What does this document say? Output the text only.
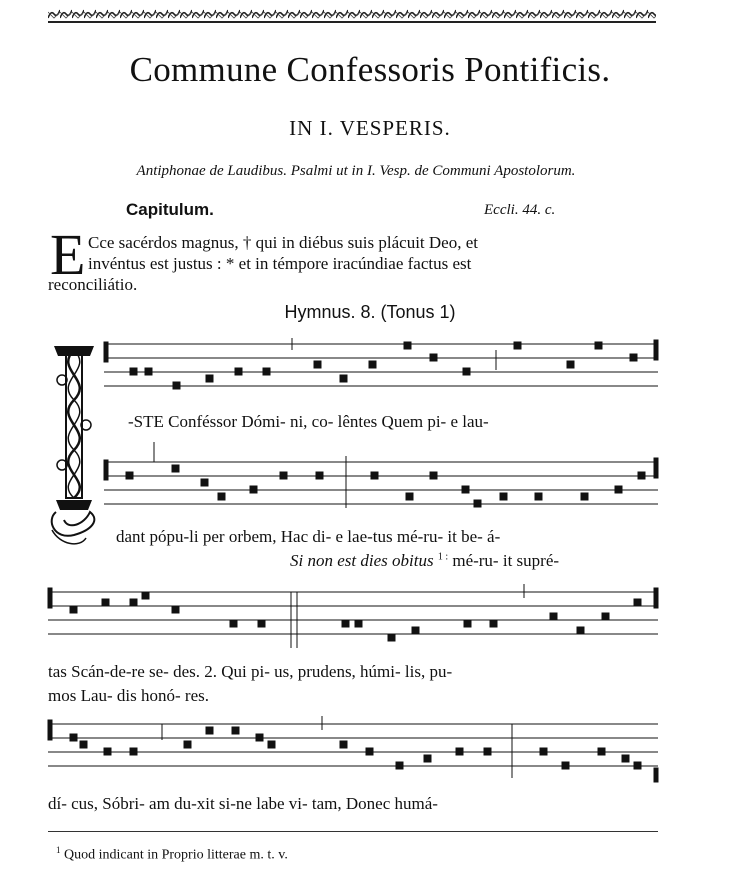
Commune Confessoris Pontificis.
IN I. VESPERIS.
Antiphonae de Laudibus. Psalmi ut in I. Vesp. de Communi Apostolorum.
Capitulum.	Eccli. 44. c.
E Cce sacérdos magnus, † qui in diébus suis plácuit Deo, et
invéntus est justus : * et in témpore iracúndiae factus est
reconciliátio.
Hymnus. 8. (Tonus 1)
I
-STE Conféssor Dómi- ni, co- lêntes Quem pi- e lau-
dant pópu-li per orbem, Hac di- e lae-tus mé-ru- it be- á-
Si non est dies obitus $^{1 :}$ mé-ru- it supré-
tas Scán-de-re se- des. 2. Qui pi- us, prudens, húmi- lis, pu-
mos Lau- dis honó- res.
dí- cus, Sóbri- am du-xit si-ne labe vi- tam, Donec humá-
$^1$ Quod indicant in Proprio litterae m. t. v.
